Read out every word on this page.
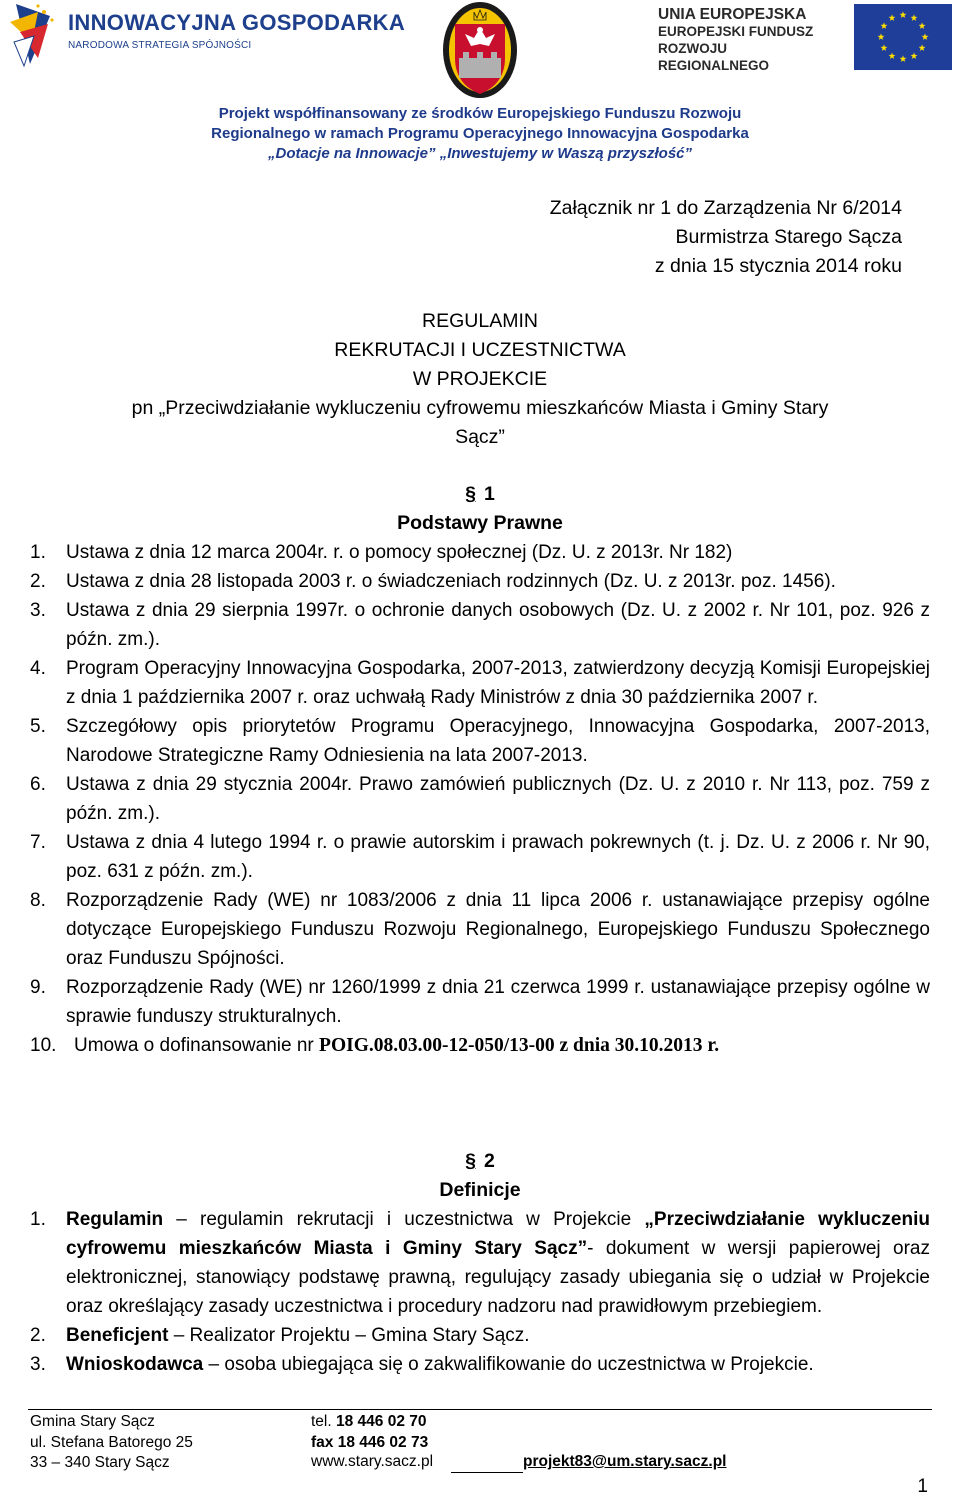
INNOWACYJNA GOSPODARKA
NARODOWA STRATEGIA SPÓJNOŚCI
UNIA EUROPEJSKA
EUROPEJSKI FUNDUSZ
ROZWOJU REGIONALNEGO
Projekt współfinansowany ze środków Europejskiego Funduszu Rozwoju
Regionalnego w ramach Programu Operacyjnego Innowacyjna Gospodarka
„Dotacje na Innowacje” „Inwestujemy w Waszą przyszłość”
Załącznik nr 1 do Zarządzenia Nr 6/2014
Burmistrza Starego Sącza
z dnia 15 stycznia 2014 roku
REGULAMIN
REKRUTACJI I UCZESTNICTWA
W PROJEKCIE
pn „Przeciwdziałanie wykluczeniu cyfrowemu mieszkańców Miasta i Gminy Stary
Sącz”
§ 1
Podstawy Prawne
1. Ustawa z dnia 12 marca 2004r. r. o pomocy społecznej (Dz. U. z 2013r. Nr 182)
2. Ustawa z dnia 28 listopada 2003 r. o świadczeniach rodzinnych (Dz. U. z 2013r. poz. 1456).
3. Ustawa z dnia 29 sierpnia 1997r. o ochronie danych osobowych (Dz. U. z 2002 r. Nr 101, poz. 926 z późn. zm.).
4. Program Operacyjny Innowacyjna Gospodarka, 2007-2013, zatwierdzony decyzją Komisji Europejskiej z dnia 1 października 2007 r. oraz uchwałą Rady Ministrów z dnia 30 października 2007 r.
5. Szczegółowy opis priorytetów Programu Operacyjnego, Innowacyjna Gospodarka, 2007-2013, Narodowe Strategiczne Ramy Odniesienia na lata 2007-2013.
6. Ustawa z dnia 29 stycznia 2004r. Prawo zamówień publicznych (Dz. U. z 2010 r. Nr 113, poz. 759 z późn. zm.).
7. Ustawa z dnia 4 lutego 1994 r. o prawie autorskim i prawach pokrewnych (t. j. Dz. U. z 2006 r. Nr 90, poz. 631 z późn. zm.).
8. Rozporządzenie Rady (WE) nr 1083/2006 z dnia 11 lipca 2006 r. ustanawiające przepisy ogólne dotyczące Europejskiego Funduszu Rozwoju Regionalnego, Europejskiego Funduszu Społecznego oraz Funduszu Spójności.
9. Rozporządzenie Rady (WE) nr 1260/1999 z dnia 21 czerwca 1999 r. ustanawiające przepisy ogólne w sprawie funduszy strukturalnych.
10. Umowa o dofinansowanie nr POIG.08.03.00-12-050/13-00 z dnia 30.10.2013 r.
§ 2
Definicje
1. Regulamin – regulamin rekrutacji i uczestnictwa w Projekcie „Przeciwdziałanie wykluczeniu cyfrowemu mieszkańców Miasta i Gminy Stary Sącz”- dokument w wersji papierowej oraz elektronicznej, stanowiący podstawę prawną, regulujący zasady ubiegania się o udział w Projekcie oraz określający zasady uczestnictwa i procedury nadzoru nad prawidłowym przebiegiem.
2. Beneficjent – Realizator Projektu – Gmina Stary Sącz.
3. Wnioskodawca – osoba ubiegająca się o zakwalifikowanie do uczestnictwa w Projekcie.
Gmina Stary Sącz
ul. Stefana Batorego 25
33 – 340 Stary Sącz
tel. 18 446 02 70
fax 18 446 02 73
www.stary.sacz.pl	projekt83@um.stary.sacz.pl
1
